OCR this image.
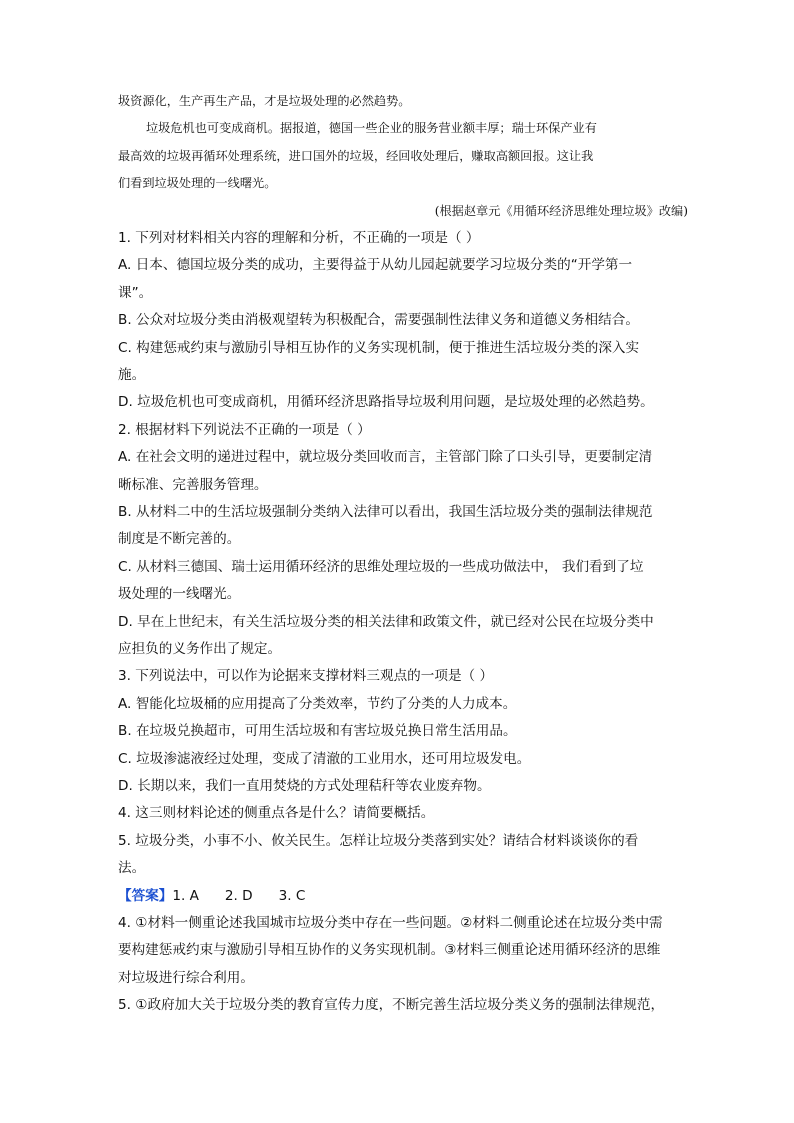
圾资源化，生产再生产品，才是垃圾处理的必然趋势。
垃圾危机也可变成商机。据报道，德国一些企业的服务营业额丰厚；瑞士环保产业有
最高效的垃圾再循环处理系统，进口国外的垃圾，经回收处理后，赚取高额回报。这让我
们看到垃圾处理的一线曙光。
(根据赵章元《用循环经济思维处理垃圾》改编)
1. 下列对材料相关内容的理解和分析，不正确的一项是（ ）
A. 日本、德国垃圾分类的成功，主要得益于从幼儿园起就要学习垃圾分类的“开学第一
课”。
B. 公众对垃圾分类由消极观望转为积极配合，需要强制性法律义务和道德义务相结合。
C. 构建惩戒约束与激励引导相互协作的义务实现机制，便于推进生活垃圾分类的深入实
施。
D. 垃圾危机也可变成商机，用循环经济思路指导垃圾利用问题，是垃圾处理的必然趋势。
2. 根据材料下列说法不正确的一项是（ ）
A. 在社会文明的递进过程中，就垃圾分类回收而言，主管部门除了口头引导，更要制定清
晰标准、完善服务管理。
B. 从材料二中的生活垃圾强制分类纳入法律可以看出，我国生活垃圾分类的强制法律规范
制度是不断完善的。
C. 从材料三德国、瑞士运用循环经济的思维处理垃圾的一些成功做法中， 我们看到了垃
圾处理的一线曙光。
D. 早在上世纪末，有关生活垃圾分类的相关法律和政策文件，就已经对公民在垃圾分类中
应担负的义务作出了规定。
3. 下列说法中，可以作为论据来支撑材料三观点的一项是（ ）
A. 智能化垃圾桶的应用提高了分类效率，节约了分类的人力成本。
B. 在垃圾兑换超市，可用生活垃圾和有害垃圾兑换日常生活用品。
C. 垃圾渗滤液经过处理，变成了清澈的工业用水，还可用垃圾发电。
D. 长期以来，我们一直用焚烧的方式处理秸秆等农业废弃物。
4. 这三则材料论述的侧重点各是什么？请简要概括。
5. 垃圾分类，小事不小、攸关民生。怎样让垃圾分类落到实处？请结合材料谈谈你的看
法。
【答案】1. A      2. D      3. C
4. ①材料一侧重论述我国城市垃圾分类中存在一些问题。②材料二侧重论述在垃圾分类中需
要构建惩戒约束与激励引导相互协作的义务实现机制。③材料三侧重论述用循环经济的思维
对垃圾进行综合利用。
5. ①政府加大关于垃圾分类的教育宣传力度，不断完善生活垃圾分类义务的强制法律规范，
